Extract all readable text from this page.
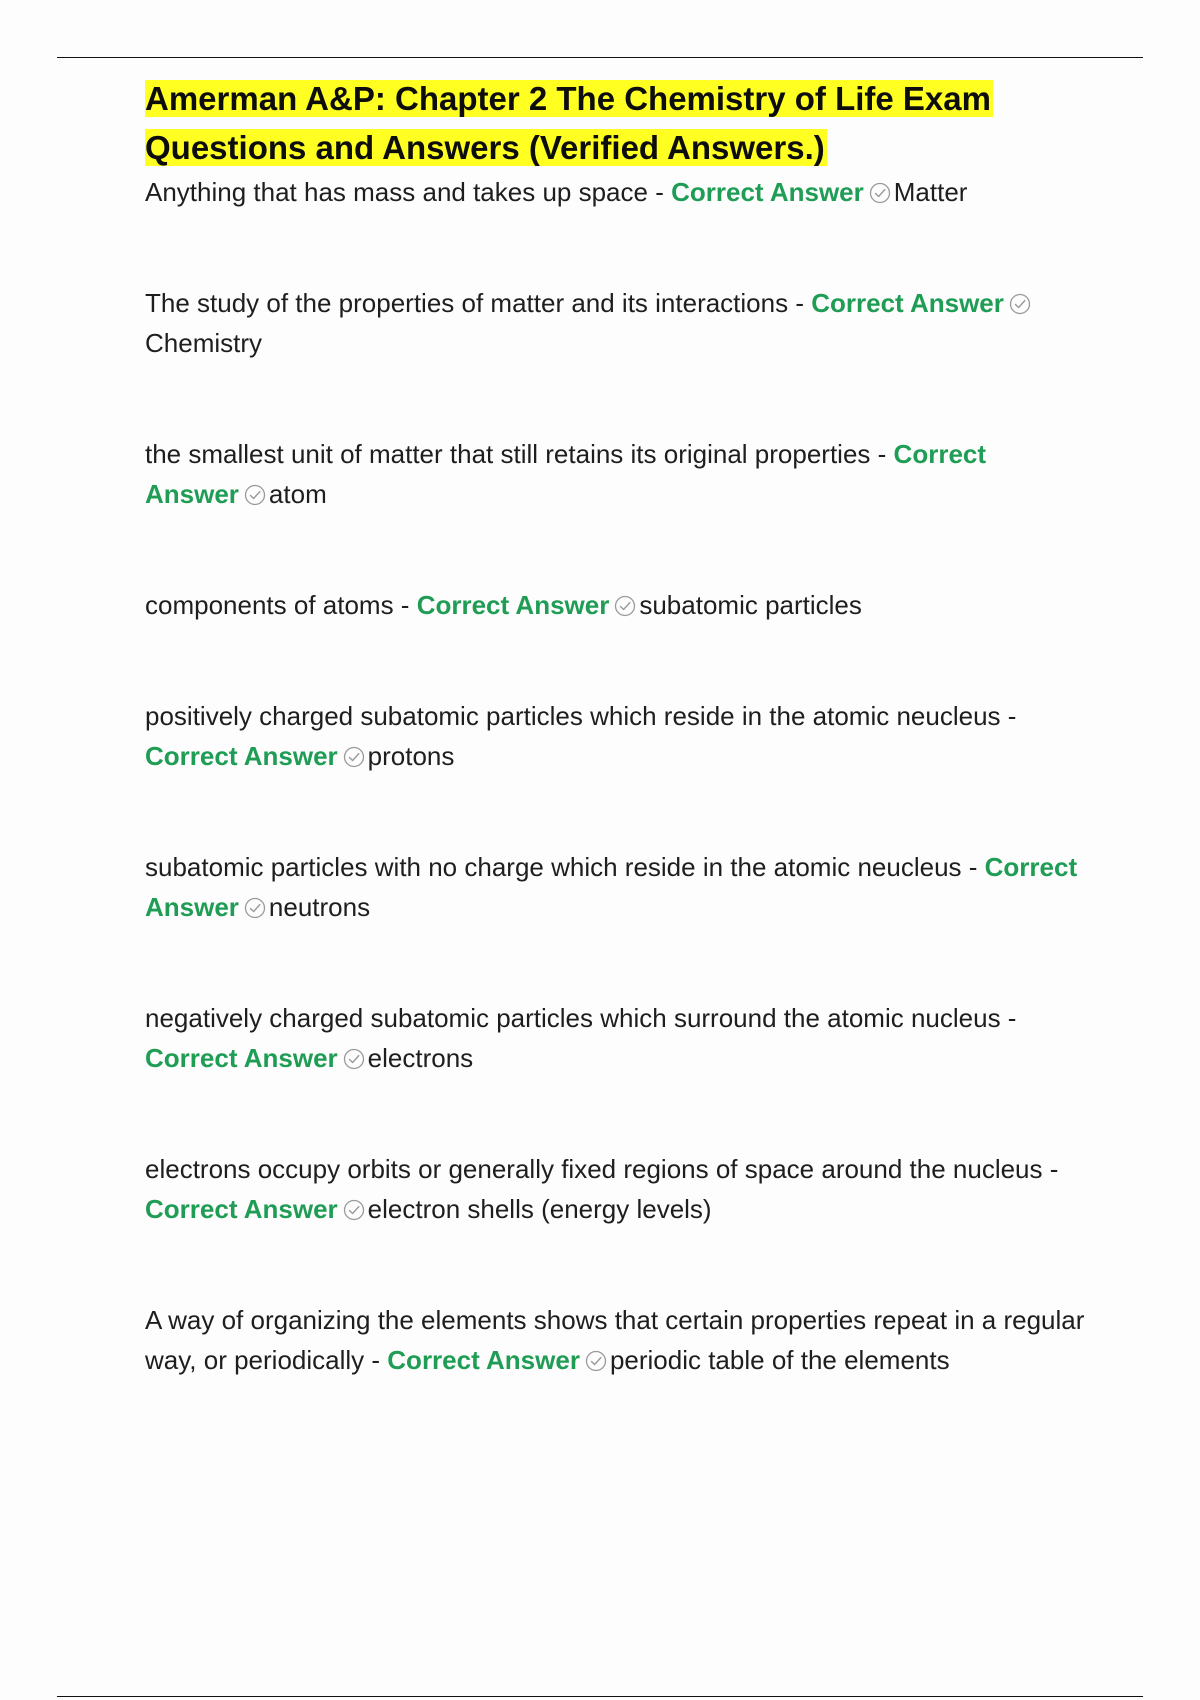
Amerman A&P: Chapter 2 The Chemistry of Life Exam Questions and Answers (Verified Answers.)
Anything that has mass and takes up space - Correct Answer Matter
The study of the properties of matter and its interactions - Correct Answer
Chemistry
the smallest unit of matter that still retains its original properties - Correct Answer atom
components of atoms - Correct Answer subatomic particles
positively charged subatomic particles which reside in the atomic neucleus - Correct Answer protons
subatomic particles with no charge which reside in the atomic neucleus - Correct Answer neutrons
negatively charged subatomic particles which surround the atomic nucleus - Correct Answer electrons
electrons occupy orbits or generally fixed regions of space around the nucleus - Correct Answer electron shells (energy levels)
A way of organizing the elements shows that certain properties repeat in a regular way, or periodically - Correct Answer periodic table of the elements
